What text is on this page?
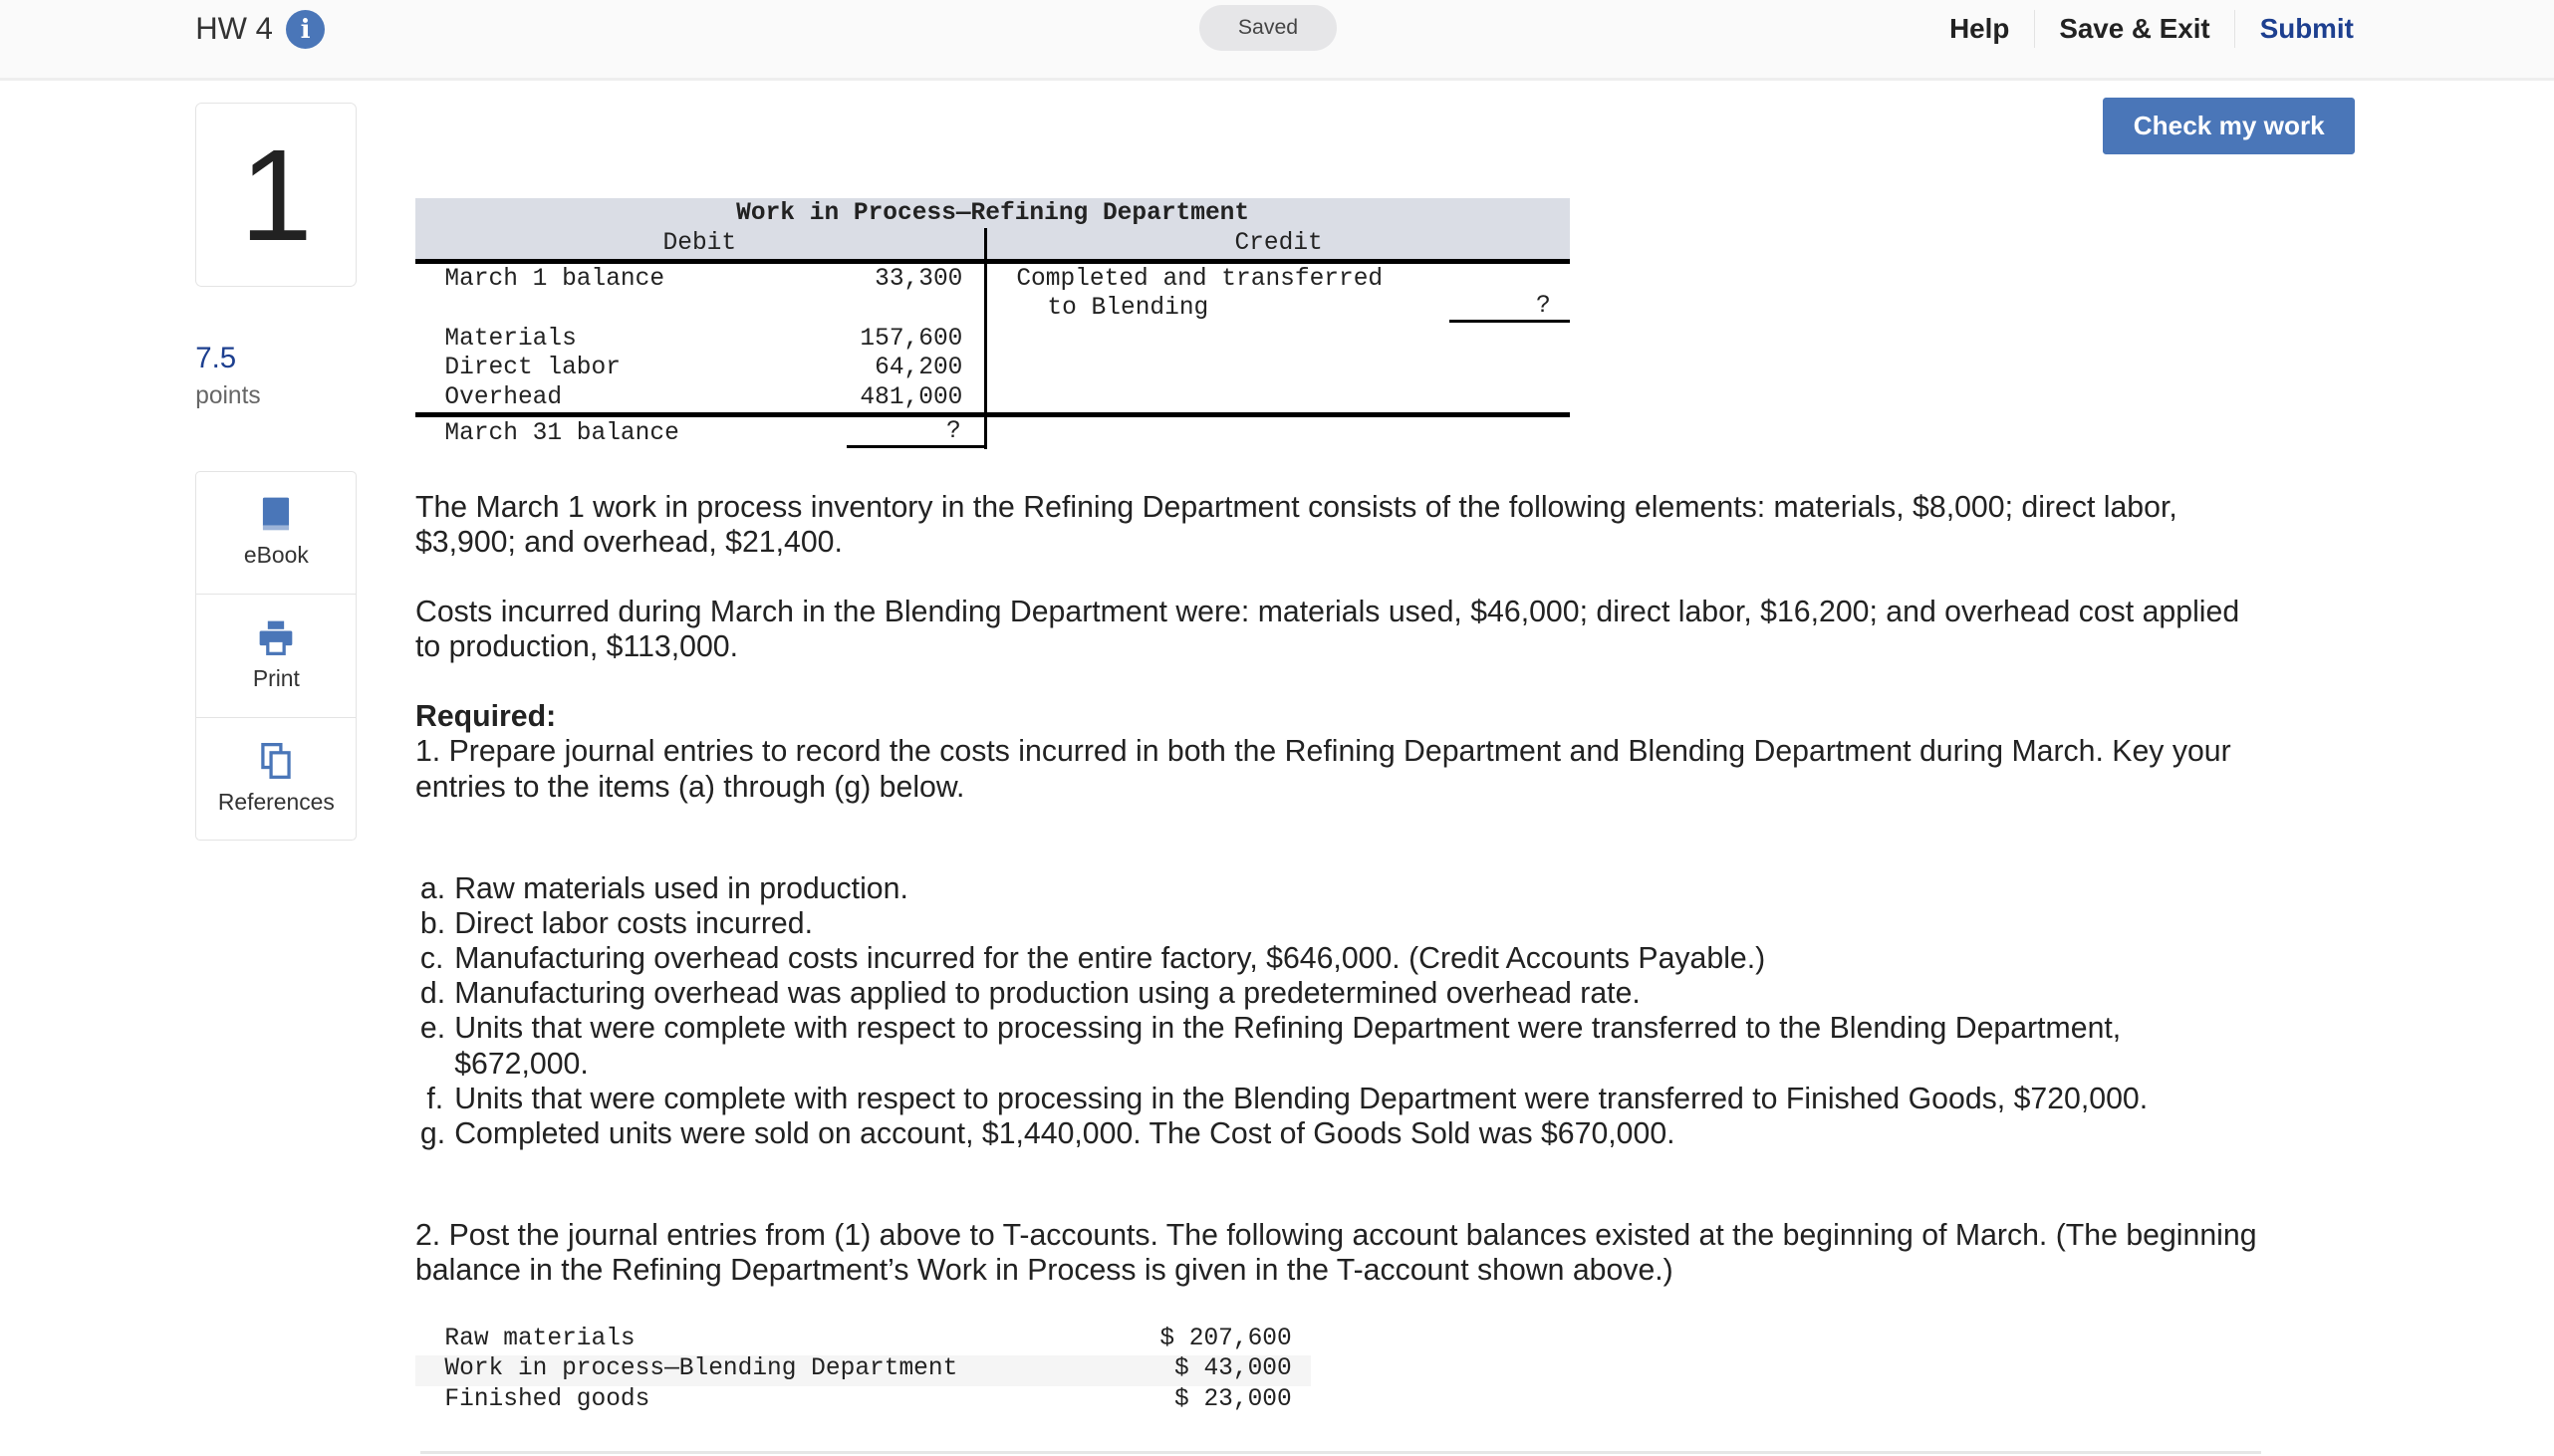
HW 4	i	Saved	Help	Save & Exit	Submit
1
7.5
points
eBook
Print
References
Check my work
Work in Process—Refining Department
Debit	Credit
March 1 balance	33,300
Materials	157,600
Direct labor	64,200
Overhead	481,000
Completed and transferred
to Blending	?
March 31 balance	?
The March 1 work in process inventory in the Refining Department consists of the following elements: materials, $8,000; direct labor, $3,900; and overhead, $21,400.
Costs incurred during March in the Blending Department were: materials used, $46,000; direct labor, $16,200; and overhead cost applied to production, $113,000.
Required:
1. Prepare journal entries to record the costs incurred in both the Refining Department and Blending Department during March. Key your entries to the items (a) through (g) below.
a. Raw materials used in production.
b. Direct labor costs incurred.
c. Manufacturing overhead costs incurred for the entire factory, $646,000. (Credit Accounts Payable.)
d. Manufacturing overhead was applied to production using a predetermined overhead rate.
e. Units that were complete with respect to processing in the Refining Department were transferred to the Blending Department, $672,000.
f. Units that were complete with respect to processing in the Blending Department were transferred to Finished Goods, $720,000.
g. Completed units were sold on account, $1,440,000. The Cost of Goods Sold was $670,000.
2. Post the journal entries from (1) above to T-accounts. The following account balances existed at the beginning of March. (The beginning balance in the Refining Department’s Work in Process is given in the T-account shown above.)
Raw materials	$ 207,600
Work in process—Blending Department	$ 43,000
Finished goods	$ 23,000
